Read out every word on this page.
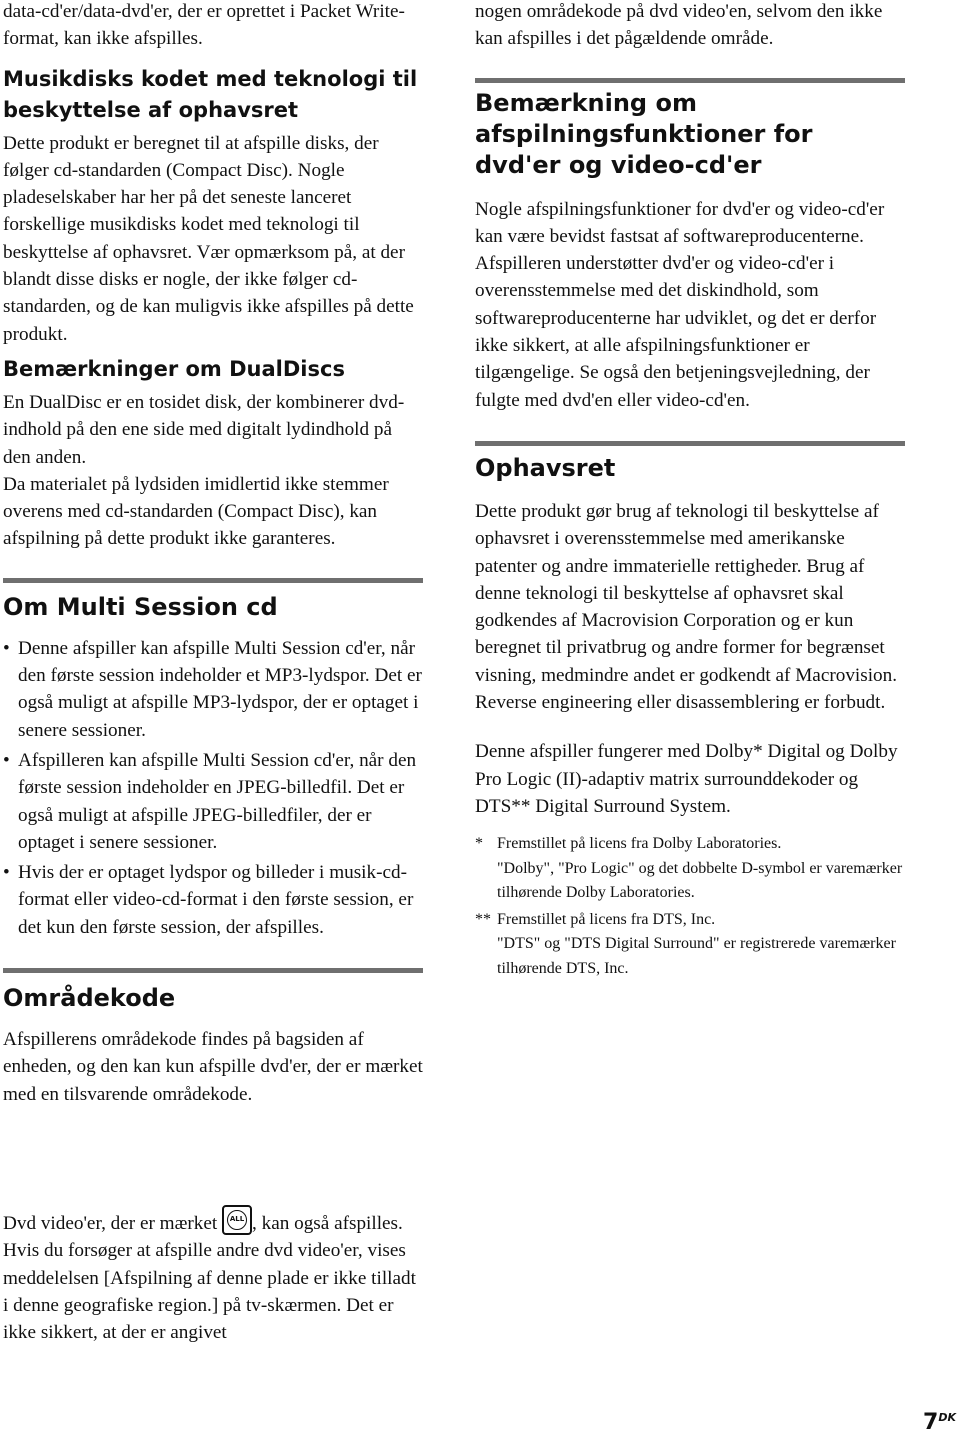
data-cd'er/data-dvd'er, der er oprettet i Packet Write-format, kan ikke afspilles.

Musikdisks kodet med teknologi til beskyttelse af ophavsret

Dette produkt er beregnet til at afspille disks, der følger cd-standarden (Compact Disc). Nogle pladeselskaber har her på det seneste lanceret forskellige musikdisks kodet med teknologi til beskyttelse af ophavsret. Vær opmærksom på, at der blandt disse disks er nogle, der ikke følger cd-standarden, og de kan muligvis ikke afspilles på dette produkt.

Bemærkninger om DualDiscs

En DualDisc er en tosidet disk, der kombinerer dvd-indhold på den ene side med digitalt lydindhold på den anden.

Da materialet på lydsiden imidlertid ikke stemmer overens med cd-standarden (Compact Disc), kan afspilning på dette produkt ikke garanteres.

Om Multi Session cd
• Denne afspiller kan afspille Multi Session cd'er, når den første session indeholder et MP3-lydspor. Det er også muligt at afspille MP3-lydspor, der er optaget i senere sessioner.
• Afspilleren kan afspille Multi Session cd'er, når den første session indeholder en JPEG-billedfil. Det er også muligt at afspille JPEG-billedfiler, der er optaget i senere sessioner.
• Hvis der er optaget lydspor og billeder i musik-cd-format eller video-cd-format i den første session, er det kun den første session, der afspilles.
Områdekode

Afspillerens områdekode findes på bagsiden af enheden, og den kan kun afspille dvd'er, der er mærket med en tilsvarende områdekode.

Dvd video'er, der er mærket	ALL , kan også afspilles.

Hvis du forsøger at afspille andre dvd video'er, vises meddelelsen [Afspilning af denne plade er ikke tilladt i denne geografiske region.] på tv-skærmen. Det er ikke sikkert, at der er angivet

nogen områdekode på dvd video'en, selvom den ikke kan afspilles i det pågældende område.

Bemærkning om afspilningsfunktioner for dvd'er og video-cd'er

Nogle afspilningsfunktioner for dvd'er og video-cd'er kan være bevidst fastsat af softwareproducenterne. Afspilleren understøtter dvd'er og video-cd'er i overensstemmelse med det diskindhold, som softwareproducenterne har udviklet, og det er derfor ikke sikkert, at alle afspilningsfunktioner er tilgængelige. Se også den betjeningsvejledning, der fulgte med dvd'en eller video-cd'en.

Ophavsret

Dette produkt gør brug af teknologi til beskyttelse af ophavsret i overensstemmelse med amerikanske patenter og andre immaterielle rettigheder. Brug af denne teknologi til beskyttelse af ophavsret skal godkendes af Macrovision Corporation og er kun beregnet til privatbrug og andre former for begrænset visning, medmindre andet er godkendt af Macrovision. Reverse engineering eller disassemblering er forbudt.

Denne afspiller fungerer med Dolby* Digital og Dolby Pro Logic (II)-adaptiv matrix surrounddekoder og DTS** Digital Surround System.

* Fremstillet på licens fra Dolby Laboratories.
"Dolby", "Pro Logic" og det dobbelte D-symbol er varemærker tilhørende Dolby Laboratories.
** Fremstillet på licens fra DTS, Inc.
"DTS" og "DTS Digital Surround" er registrerede varemærker tilhørende DTS, Inc.
$7^{DK}$
